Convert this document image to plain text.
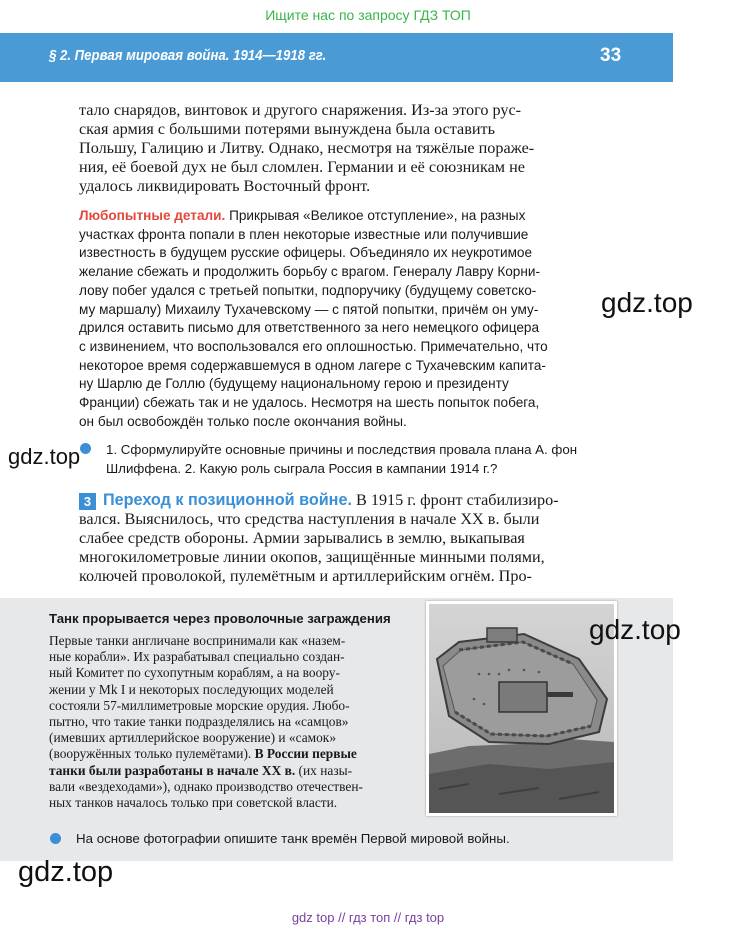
Ищите нас по запросу ГДЗ ТОП
§ 2. Первая мировая война. 1914—1918 гг.	33
тало снарядов, винтовок и другого снаряжения. Из-за этого рус-
ская армия с большими потерями вынуждена была оставить
Польшу, Галицию и Литву. Однако, несмотря на тяжёлые пораже-
ния, её боевой дух не был сломлен. Германии и её союзникам не
удалось ликвидировать Восточный фронт.
Любопытные детали. Прикрывая «Великое отступление», на разных
участках фронта попали в плен некоторые известные или получившие
известность в будущем русские офицеры. Объединяло их неукротимое
желание сбежать и продолжить борьбу с врагом. Генералу Лавру Корни-
лову побег удался с третьей попытки, подпоручику (будущему советско-
му маршалу) Михаилу Тухачевскому — с пятой попытки, причём он уму-
дрился оставить письмо для ответственного за него немецкого офицера
с извинением, что воспользовался его оплошностью. Примечательно, что
некоторое время содержавшемуся в одном лагере с Тухачевским капита-
ну Шарлю де Голлю (будущему национальному герою и президенту
Франции) сбежать так и не удалось. Несмотря на шесть попыток побега,
он был освобождён только после окончания войны.
1. Сформулируйте основные причины и последствия провала плана А. фон
Шлиффена. 2. Какую роль сыграла Россия в кампании 1914 г.?
3 Переход к позиционной войне. В 1915 г. фронт стабилизиро-
вался. Выяснилось, что средства наступления в начале XX в. были
слабее средств обороны. Армии зарывались в землю, выкапывая
многокилометровые линии окопов, защищённые минными полями,
колючей проволокой, пулемётным и артиллерийским огнём. Про-
Танк прорывается через проволочные заграждения
Первые танки англичане воспринимали как «назем-
ные корабли». Их разрабатывал специально создан-
ный Комитет по сухопутным кораблям, а на воору-
жении у Mk I и некоторых последующих моделей
состояли 57-миллиметровые морские орудия. Любо-
пытно, что такие танки подразделялись на «самцов»
(имевших артиллерийское вооружение) и «самок»
(вооружённых только пулемётами). В России первые
танки были разработаны в начале XX в. (их назы-
вали «вездеходами»), однако производство отечествен-
ных танков началось только при советской власти.
На основе фотографии опишите танк времён Первой мировой войны.
gdz.top
gdz.top
gdz.top
gdz.top
gdz top // гдз топ // гдз top
